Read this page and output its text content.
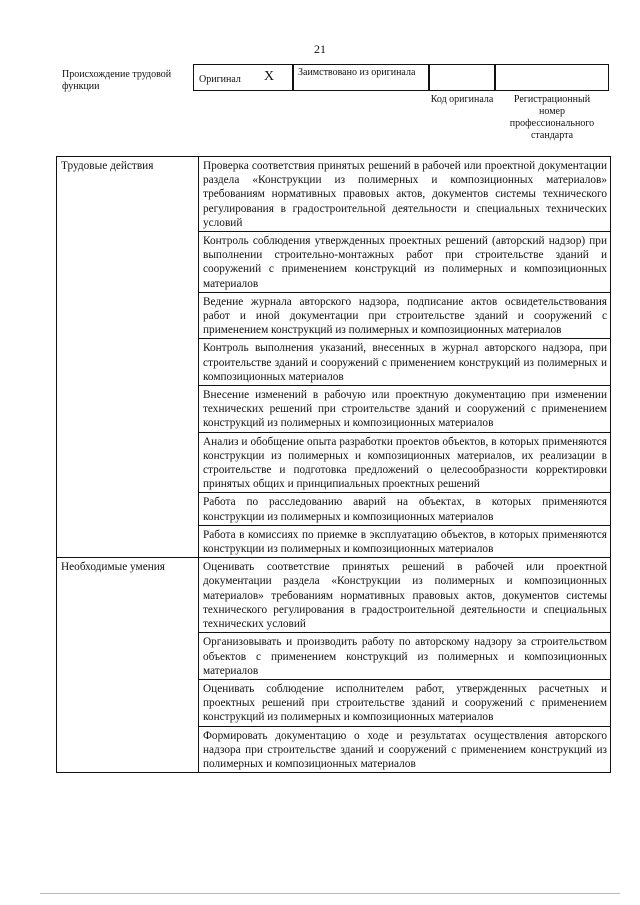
21
Происхождение трудовой функции
Оригинал X Заимствовано из оригинала
Код оригинала	Регистрационный номер профессионального стандарта
Трудовые действия	Проверка соответствия принятых решений в рабочей или проектной документации раздела «Конструкции из полимерных и композиционных материалов» требованиям нормативных правовых актов, документов системы технического регулирования в градостроительной деятельности и специальных технических условий
	Контроль соблюдения утвержденных проектных решений (авторский надзор) при выполнении строительно-монтажных работ при строительстве зданий и сооружений с применением конструкций из полимерных и композиционных материалов
	Ведение журнала авторского надзора, подписание актов освидетельствования работ и иной документации при строительстве зданий и сооружений с применением конструкций из полимерных и композиционных материалов
	Контроль выполнения указаний, внесенных в журнал авторского надзора, при строительстве зданий и сооружений с применением конструкций из полимерных и композиционных материалов
	Внесение изменений в рабочую или проектную документацию при изменении технических решений при строительстве зданий и сооружений с применением конструкций из полимерных и композиционных материалов
	Анализ и обобщение опыта разработки проектов объектов, в которых применяются конструкции из полимерных и композиционных материалов, их реализации в строительстве и подготовка предложений о целесообразности корректировки принятых общих и принципиальных проектных решений
	Работа по расследованию аварий на объектах, в которых применяются конструкции из полимерных и композиционных материалов
	Работа в комиссиях по приемке в эксплуатацию объектов, в которых применяются конструкции из полимерных и композиционных материалов
Необходимые умения	Оценивать соответствие принятых решений в рабочей или проектной документации раздела «Конструкции из полимерных и композиционных материалов» требованиям нормативных правовых актов, документов системы технического регулирования в градостроительной деятельности и специальных технических условий
	Организовывать и производить работу по авторскому надзору за строительством объектов с применением конструкций из полимерных и композиционных материалов
	Оценивать соблюдение исполнителем работ, утвержденных расчетных и проектных решений при строительстве зданий и сооружений с применением конструкций из полимерных и композиционных материалов
	Формировать документацию о ходе и результатах осуществления авторского надзора при строительстве зданий и сооружений с применением конструкций из полимерных и композиционных материалов
